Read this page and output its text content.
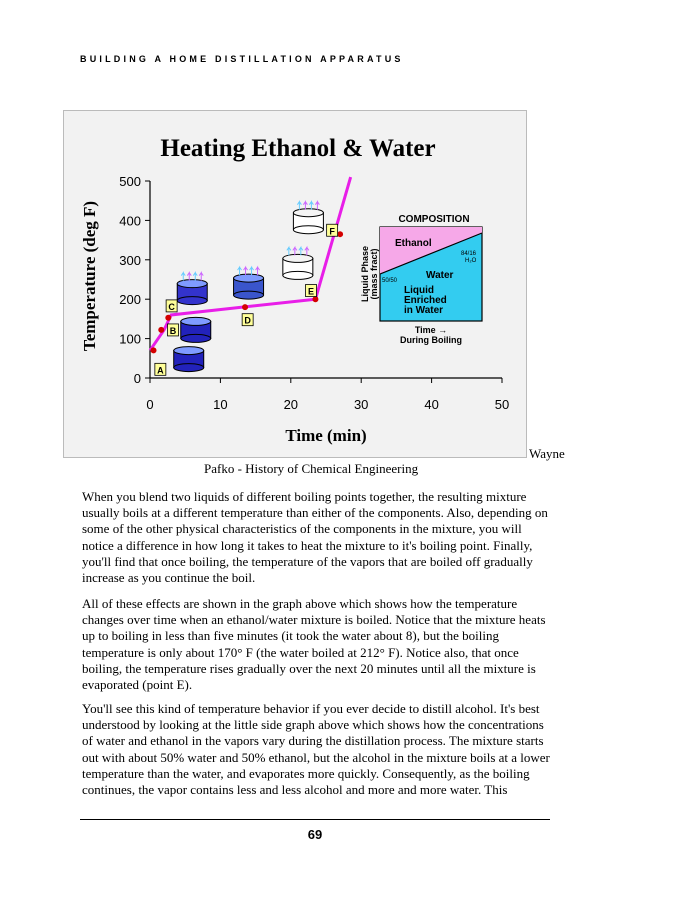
BUILDING A HOME DISTILLATION APPARATUS
Heating Ethanol & Water
Temperature (deg F)
Time (min)
0
100
200
300
400
500
0	10	20	30	40	50
A
B
C
D
E
F
COMPOSITION
Ethanol
Water
50/50
84/16
H₂O
Liquid
Enriched
in Water
Liquid Phase (mass fract)
Time →
During Boiling
Wayne
Pafko - History of Chemical Engineering

When you blend two liquids of different boiling points together, the resulting mixture usually boils at a different temperature than either of the components. Also, depending on some of the other physical characteristics of the components in the mixture, you will notice a difference in how long it takes to heat the mixture to it's boiling point. Finally, you'll find that once boiling, the temperature of the vapors that are boiled off gradually increase as you continue the boil.

All of these effects are shown in the graph above which shows how the temperature changes over time when an ethanol/water mixture is boiled. Notice that the mixture heats up to boiling in less than five minutes (it took the water about 8), but the boiling temperature is only about 170° F (the water boiled at 212° F). Notice also, that once boiling, the temperature rises gradually over the next 20 minutes until all the mixture is evaporated (point E).

You'll see this kind of temperature behavior if you ever decide to distill alcohol. It's best understood by looking at the little side graph above which shows how the concentrations of water and ethanol in the vapors vary during the distillation process. The mixture starts out with about 50% water and 50% ethanol, but the alcohol in the mixture boils at a lower temperature than the water, and evaporates more quickly. Consequently, as the boiling continues, the vapor contains less and less alcohol and more and more water. This

69
